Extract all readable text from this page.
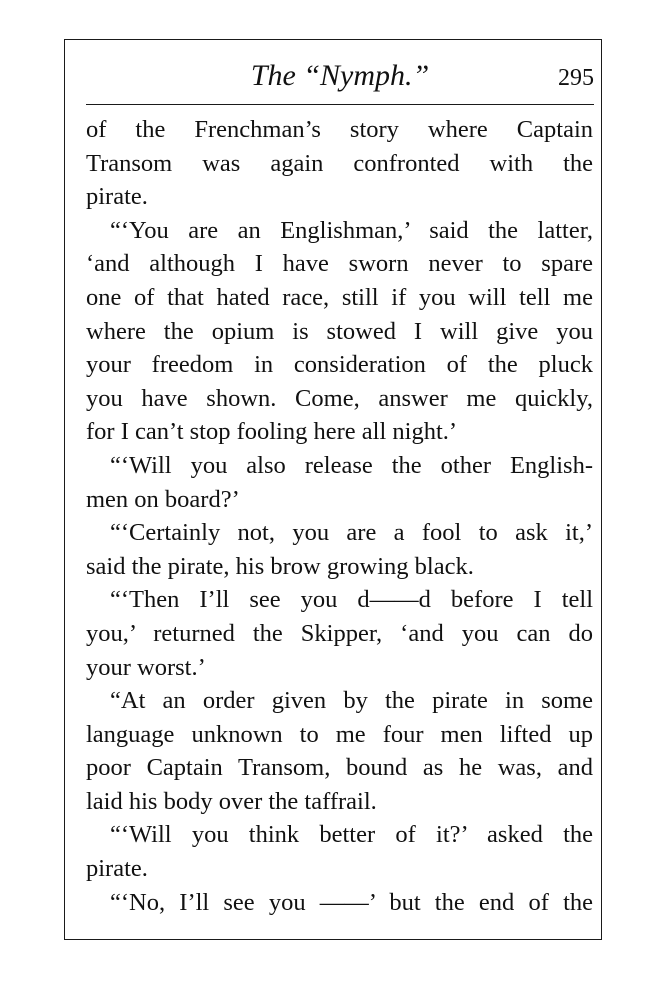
The “Nymph.”	295
of the Frenchman’s story where Captain
Transom was again confronted with the
pirate.
“‘You are an Englishman,’ said the latter,
‘and although I have sworn never to spare
one of that hated race, still if you will tell me
where the opium is stowed I will give you
your freedom in consideration of the pluck
you have shown. Come, answer me quickly,
for I can’t stop fooling here all night.’
“‘Will you also release the other English-
men on board?’
“‘Certainly not, you are a fool to ask it,’
said the pirate, his brow growing black.
“‘Then I’ll see you d——d before I tell
you,’ returned the Skipper, ‘and you can do
your worst.’
“At an order given by the pirate in some
language unknown to me four men lifted up
poor Captain Transom, bound as he was, and
laid his body over the taffrail.
“‘Will you think better of it?’ asked the
pirate.
“‘No, I’ll see you ——’ but the end of the
